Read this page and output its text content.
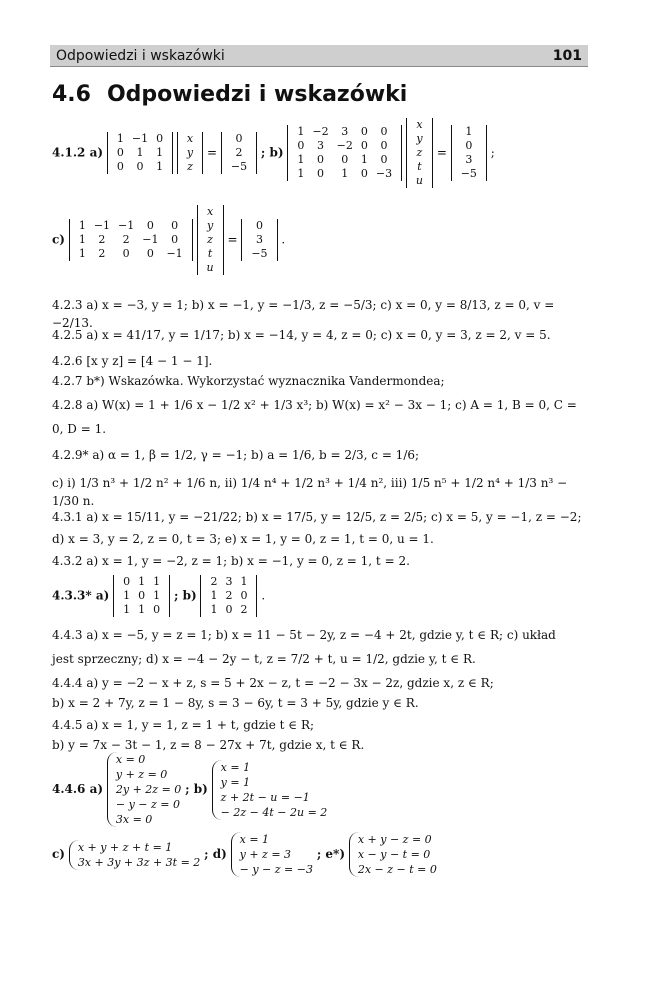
Odpowiedzi i wskazówki	101
4.6 Odpowiedzi i wskazówki
4.1.2 a)
1	−1	0
0	1	1
0	0	1

x
y
z
=
0
2
−5
; b)
1	−2	3	0	0
0	3	−2	0	0
1	0	0	1	0
1	0	1	0	−3

x
y
z
t
u
=
1
0
3
−5
;
c)
1	−1	−1	0	0
1	2	2	−1	0
1	2	0	0	−1

x
y
z
t
u
=
0
3
−5
.
4.2.3 a) x = −3, y = 1; b) x = −1, y = −1/3, z = −5/3; c) x = 0, y = 8/13, z = 0, v = −2/13.
4.2.5 a) x = 41/17, y = 1/17; b) x = −14, y = 4, z = 0; c) x = 0, y = 3, z = 2, v = 5.
4.2.6 [x y z] = [4 − 1 − 1].
4.2.7 b*) Wskazówka. Wykorzystać wyznacznika Vandermondea;
4.2.8 a) W(x) = 1 + 1/6 x − 1/2 x² + 1/3 x³; b) W(x) = x² − 3x − 1; c) A = 1, B = 0, C =
0, D = 1.
4.2.9* a) α = 1, β = 1/2, γ = −1; b) a = 1/6, b = 2/3, c = 1/6;
c) i) 1/3 n³ + 1/2 n² + 1/6 n, ii) 1/4 n⁴ + 1/2 n³ + 1/4 n², iii) 1/5 n⁵ + 1/2 n⁴ + 1/3 n³ − 1/30 n.
4.3.1 a) x = 15/11, y = −21/22; b) x = 17/5, y = 12/5, z = 2/5; c) x = 5, y = −1, z = −2;
d) x = 3, y = 2, z = 0, t = 3; e) x = 1, y = 0, z = 1, t = 0, u = 1.
4.3.2 a) x = 1, y = −2, z = 1; b) x = −1, y = 0, z = 1, t = 2.
4.3.3* a)
0	1	1
1	0	1
1	1	0
; b)
2	3	1
1	2	0
1	0	2
.
4.4.3 a) x = −5, y = z = 1; b) x = 11 − 5t − 2y, z = −4 + 2t, gdzie y, t ∈ R; c) układ
jest sprzeczny; d) x = −4 − 2y − t, z = 7/2 + t, u = 1/2, gdzie y, t ∈ R.
4.4.4 a) y = −2 − x + z, s = 5 + 2x − z, t = −2 − 3x − 2z, gdzie x, z ∈ R;
b) x = 2 + 7y, z = 1 − 8y, s = 3 − 6y, t = 3 + 5y, gdzie y ∈ R.
4.4.5 a) x = 1, y = 1, z = 1 + t, gdzie t ∈ R;
b) y = 7x − 3t − 1, z = 8 − 27x + 7t, gdzie x, t ∈ R.
4.4.6 a)
x = 0
y + z = 0
2y + 2z = 0
− y − z = 0
3x = 0
; b)
x = 1
y = 1
z + 2t − u = −1
− 2z − 4t − 2u = 2
c) x + y + z + t = 1
3x + 3y + 3z + 3t = 2
; d)
x = 1
y + z = 3
− y − z = −3
; e*)
x + y − z = 0
x − y − t = 0
2x − z − t = 0
